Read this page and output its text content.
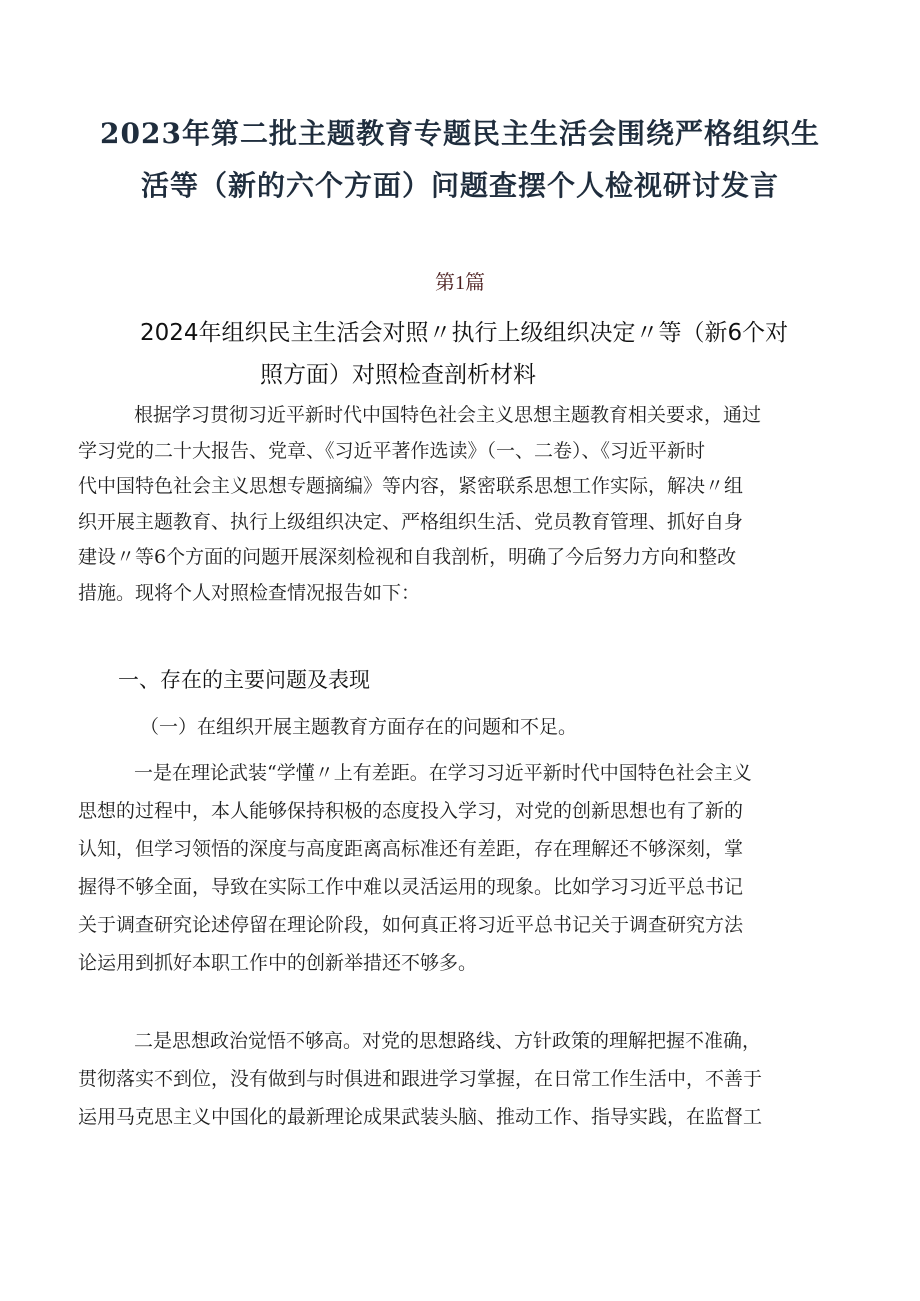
2023年第二批主题教育专题民主生活会围绕严格组织生
活等（新的六个方面）问题查摆个人检视研讨发言
第1篇
2024年组织民主生活会对照〃执行上级组织决定〃等（新6个对
照方面）对照检查剖析材料
根据学习贯彻习近平新时代中国特色社会主义思想主题教育相关要求，通过
学习党的二十大报告、党章、《习近平著作选读》（一、二卷）、《习近平新时
代中国特色社会主义思想专题摘编》等内容，紧密联系思想工作实际，解决〃组
织开展主题教育、执行上级组织决定、严格组织生活、党员教育管理、抓好自身
建设〃等6个方面的问题开展深刻检视和自我剖析，明确了今后努力方向和整改
措施。现将个人对照检查情况报告如下：
一、存在的主要问题及表现
（一）在组织开展主题教育方面存在的问题和不足。
一是在理论武装“学懂〃上有差距。在学习习近平新时代中国特色社会主义
思想的过程中，本人能够保持积极的态度投入学习，对党的创新思想也有了新的
认知，但学习领悟的深度与高度距离高标准还有差距，存在理解还不够深刻，掌
握得不够全面，导致在实际工作中难以灵活运用的现象。比如学习习近平总书记
关于调查研究论述停留在理论阶段，如何真正将习近平总书记关于调查研究方法
论运用到抓好本职工作中的创新举措还不够多。
二是思想政治觉悟不够高。对党的思想路线、方针政策的理解把握不准确，
贯彻落实不到位，没有做到与时俱进和跟进学习掌握，在日常工作生活中，不善于
运用马克思主义中国化的最新理论成果武装头脑、推动工作、指导实践，在监督工
